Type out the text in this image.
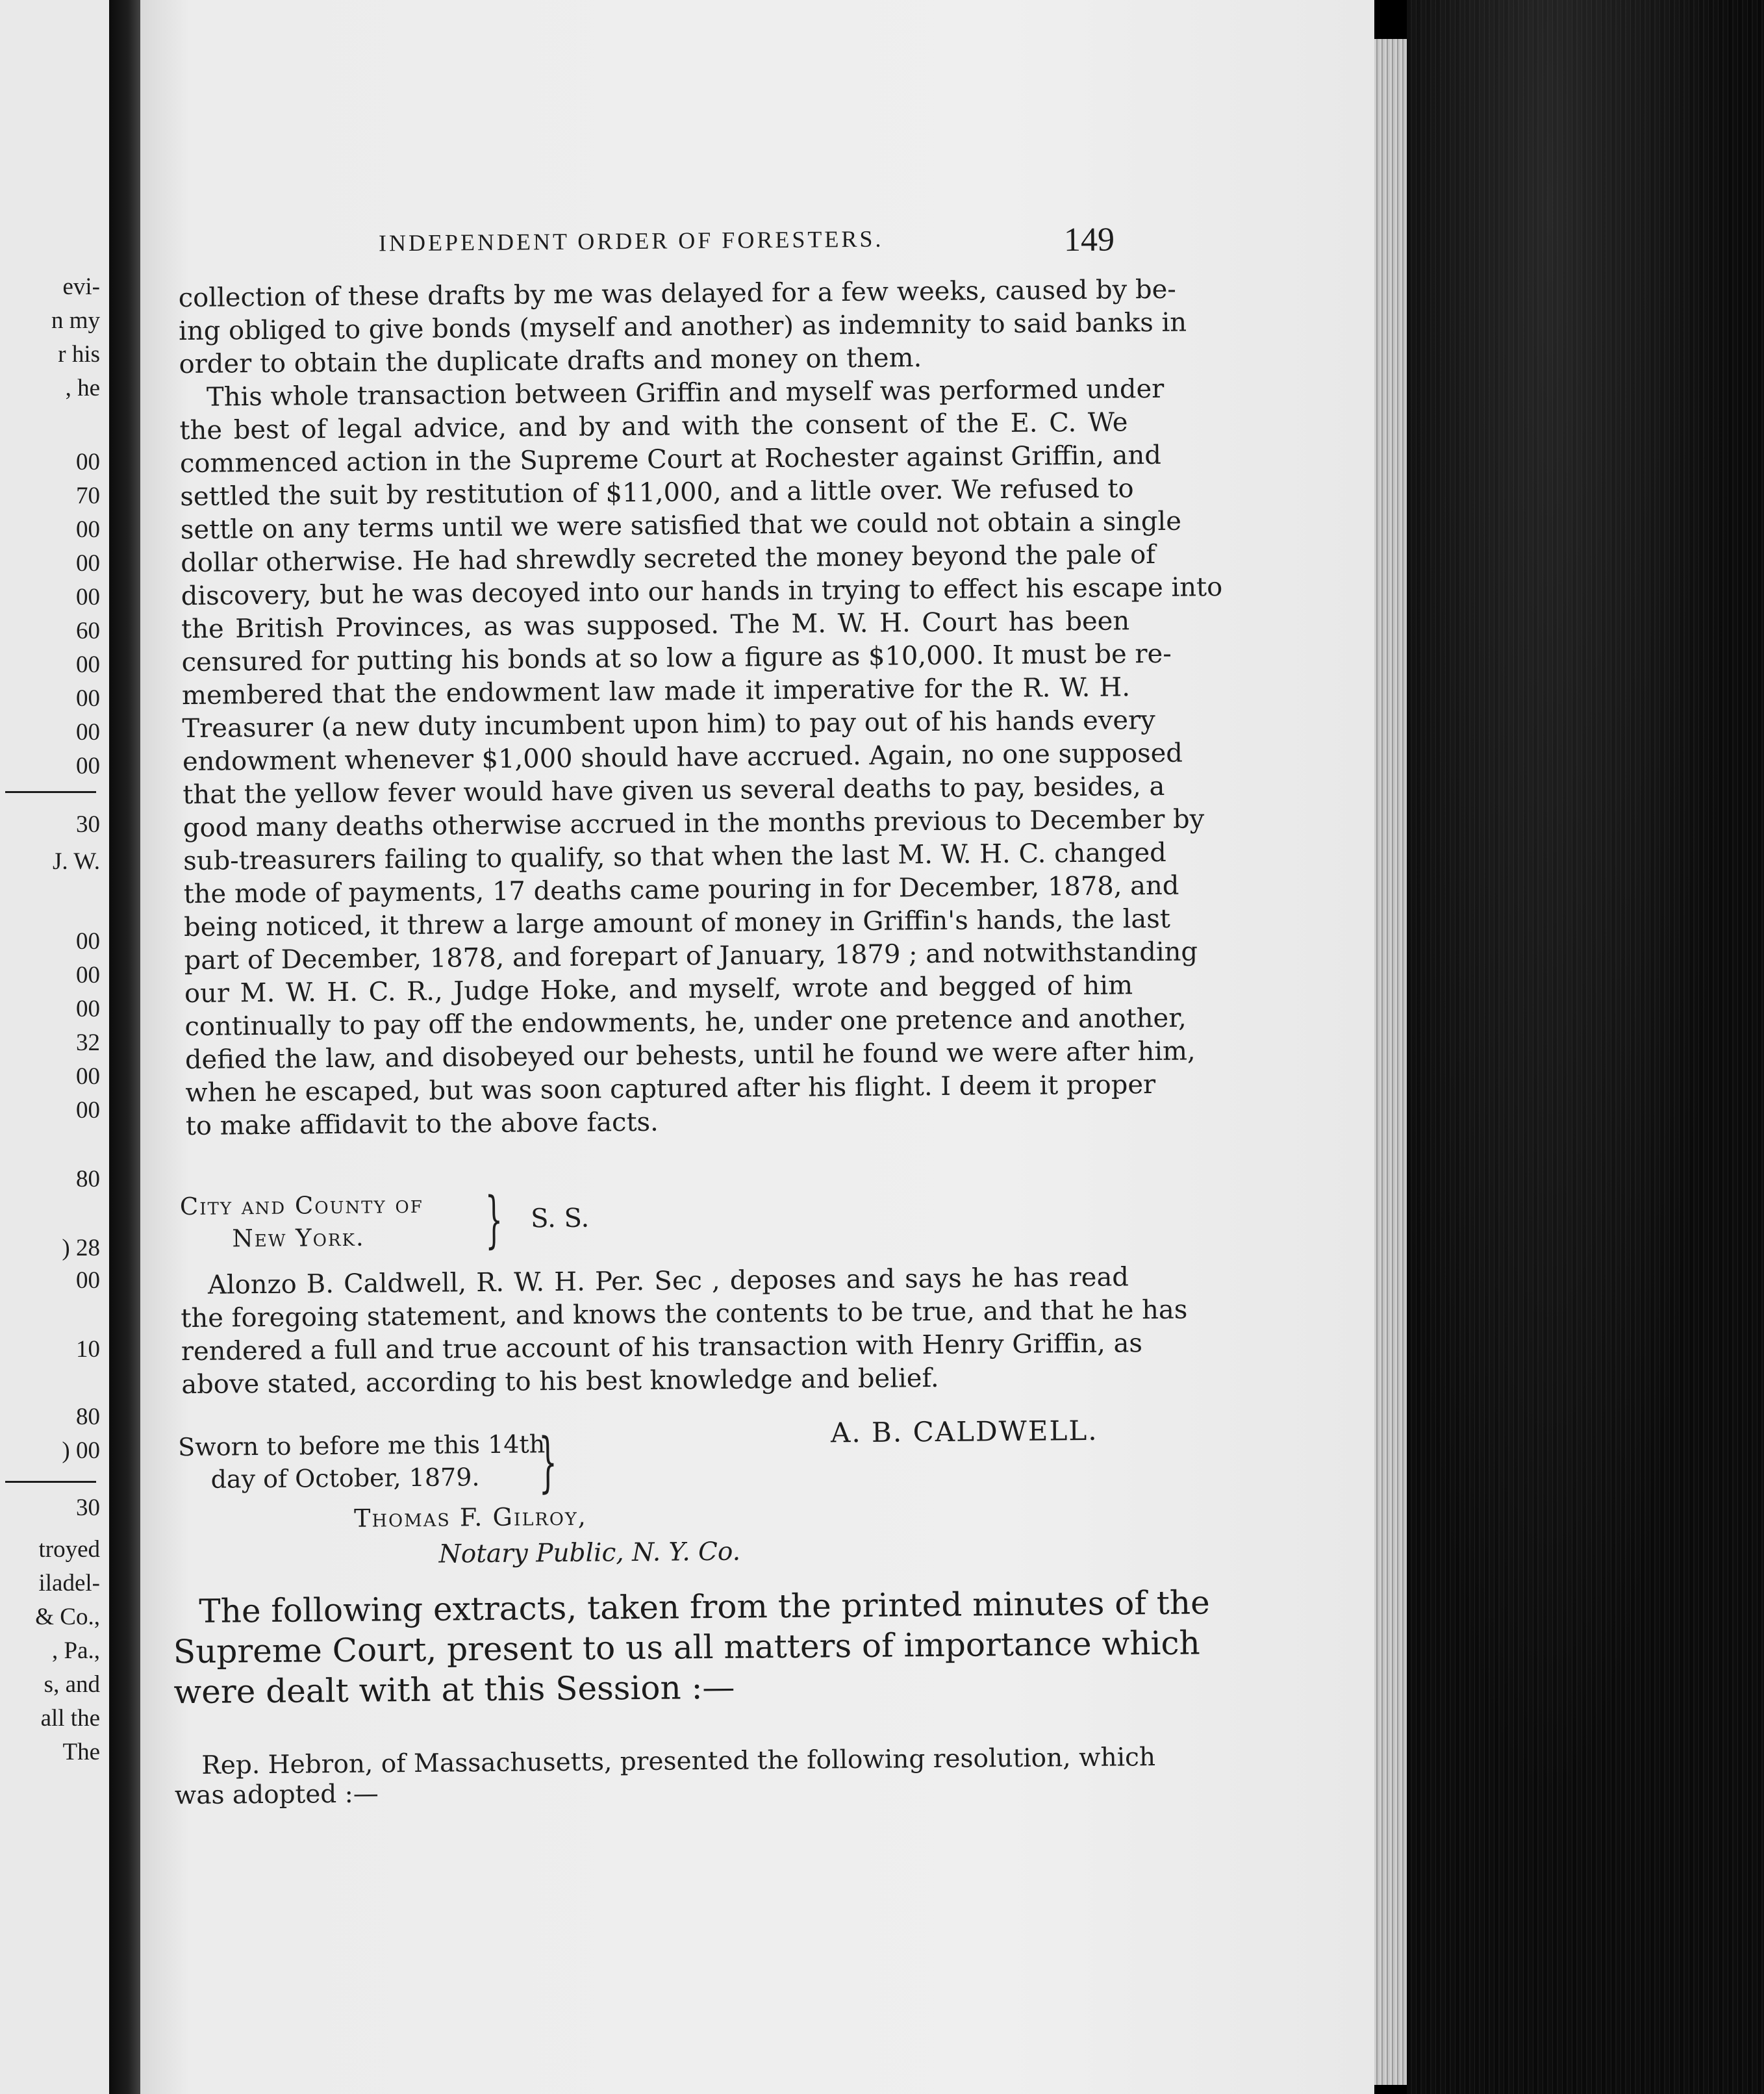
evi-

n my

r his

, he

00

70

00

00

00

60

00

00

00

00

30

J. W.

00

00

00

32

00

00

80

) 28

00

10

80

) 00

30

troyed

iladel-

& Co.,

, Pa.,

s, and

all the

The

INDEPENDENT ORDER OF FORESTERS.	149

collection of these drafts by me was delayed for a few weeks, caused by be-

ing obliged to give bonds (myself and another) as indemnity to said banks in

order to obtain the duplicate drafts and money on them.

This whole transaction between Griffin and myself was performed under

the best of legal advice, and by and with the consent of the E. C. We

commenced action in the Supreme Court at Rochester against Griffin, and

settled the suit by restitution of $11,000, and a little over. We refused to

settle on any terms until we were satisfied that we could not obtain a single

dollar otherwise. He had shrewdly secreted the money beyond the pale of

discovery, but he was decoyed into our hands in trying to effect his escape into

the British Provinces, as was supposed. The M. W. H. Court has been

censured for putting his bonds at so low a figure as $10,000. It must be re-

membered that the endowment law made it imperative for the R. W. H.

Treasurer (a new duty incumbent upon him) to pay out of his hands every

endowment whenever $1,000 should have accrued. Again, no one supposed

that the yellow fever would have given us several deaths to pay, besides, a

good many deaths otherwise accrued in the months previous to December by

sub-treasurers failing to qualify, so that when the last M. W. H. C. changed

the mode of payments, 17 deaths came pouring in for December, 1878, and

being noticed, it threw a large amount of money in Griffin's hands, the last

part of December, 1878, and forepart of January, 1879 ; and notwithstanding

our M. W. H. C. R., Judge Hoke, and myself, wrote and begged of him

continually to pay off the endowments, he, under one pretence and another,

defied the law, and disobeyed our behests, until he found we were after him,

when he escaped, but was soon captured after his flight. I deem it proper

to make affidavit to the above facts.

City and County of

New York. } S. S.

Alonzo B. Caldwell, R. W. H. Per. Sec , deposes and says he has read

the foregoing statement, and knows the contents to be true, and that he has

rendered a full and true account of his transaction with Henry Griffin, as

above stated, according to his best knowledge and belief.

A. B. CALDWELL.

Sworn to before me this 14th

day of October, 1879. }

Thomas F. Gilroy,

Notary Public, N. Y. Co.

The following extracts, taken from the printed minutes of the

Supreme Court, present to us all matters of importance which

were dealt with at this Session :—

Rep. Hebron, of Massachusetts, presented the following resolution, which

was adopted :—
